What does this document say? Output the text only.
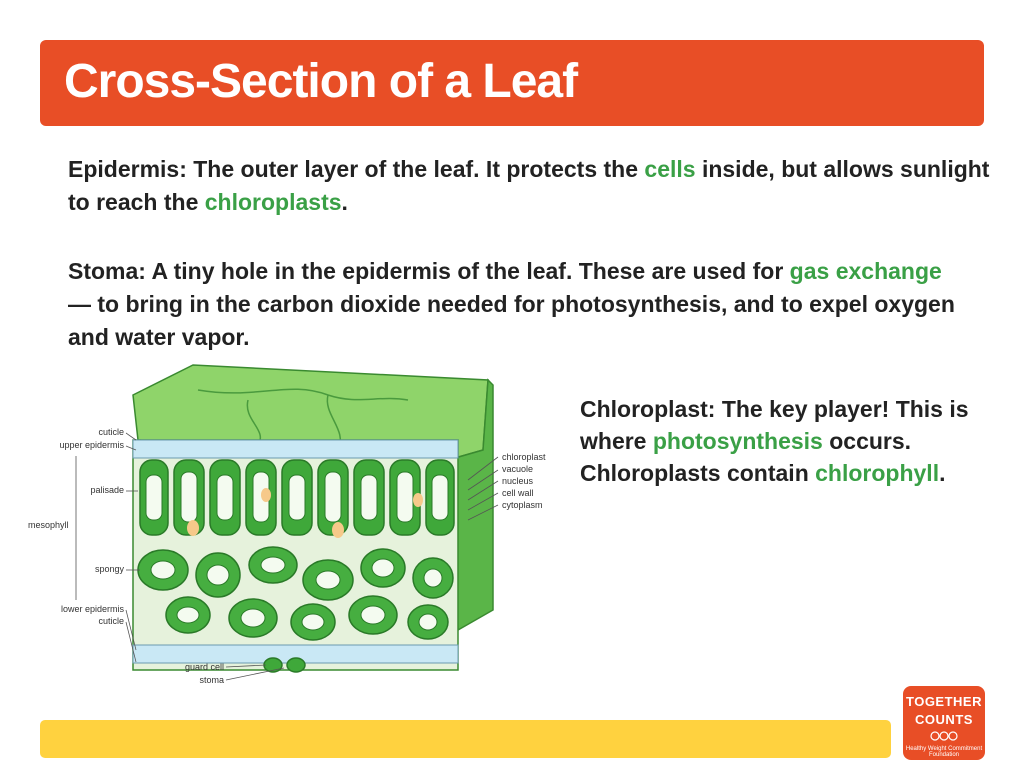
Cross-Section of a Leaf

Epidermis: The outer layer of the leaf. It protects the cells inside, but allows sunlight to reach the chloroplasts.

Stoma: A tiny hole in the epidermis of the leaf. These are used for gas exchange — to bring in the carbon dioxide needed for photosynthesis, and to expel oxygen and water vapor.

Chloroplast: The key player! This is where photosynthesis occurs. Chloroplasts contain chlorophyll.

cuticle
upper epidermis
palisade
mesophyll
spongy
lower epidermis
cuticle
guard cell
stoma
chloroplast
vacuole
nucleus
cell wall
cytoplasm
TOGETHER
COUNTS
Healthy Weight Commitment Foundation
